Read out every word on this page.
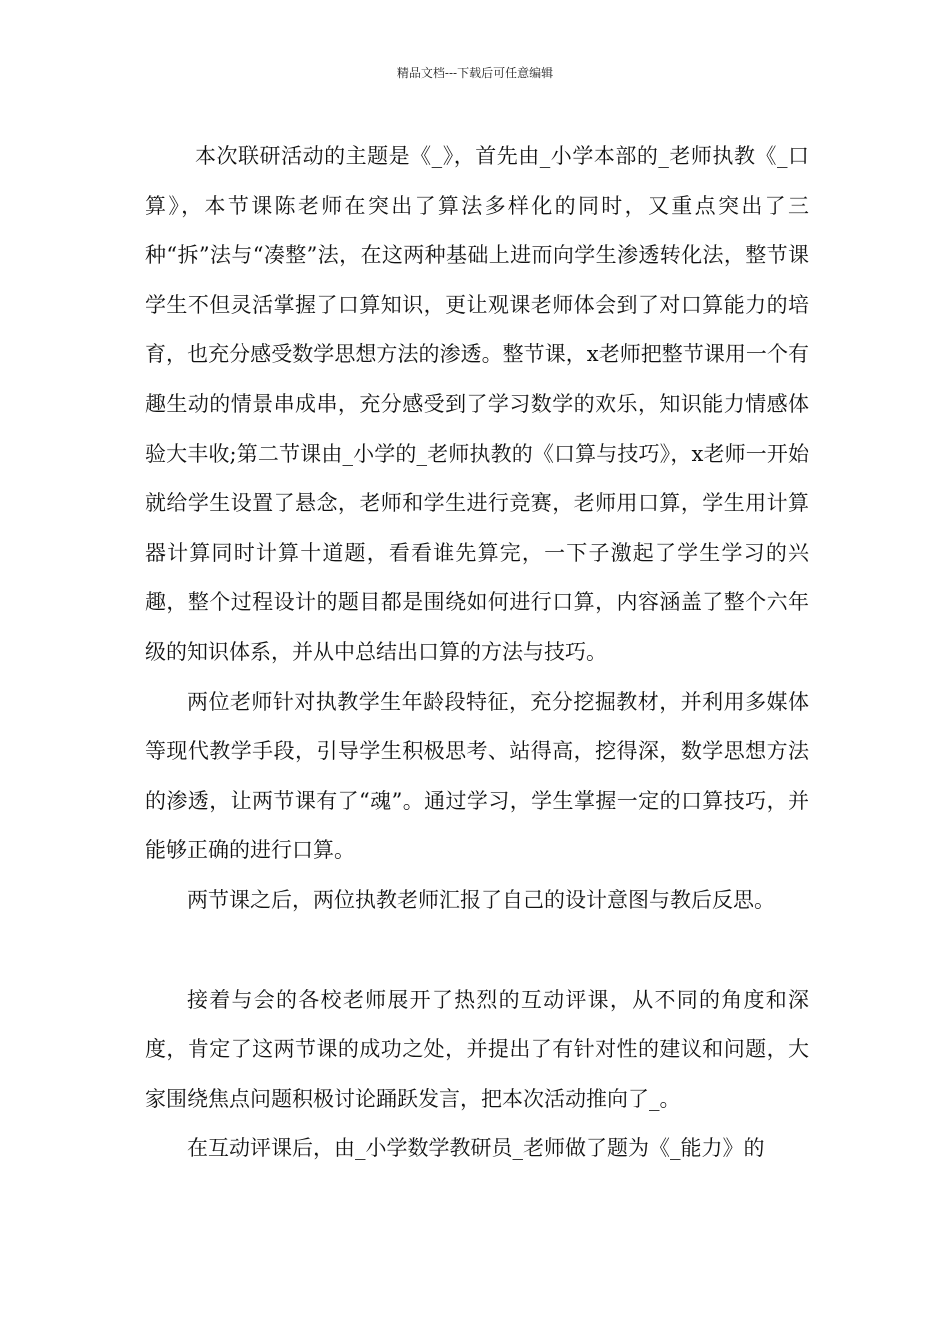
精品文档---下载后可任意编辑

本次联研活动的主题是《_》，首先由_小学本部的_老师执教《_口算》，本节课陈老师在突出了算法多样化的同时，又重点突出了三种“拆”法与“凑整”法，在这两种基础上进而向学生渗透转化法，整节课学生不但灵活掌握了口算知识，更让观课老师体会到了对口算能力的培育，也充分感受数学思想方法的渗透。整节课，x老师把整节课用一个有趣生动的情景串成串，充分感受到了学习数学的欢乐，知识能力情感体验大丰收;第二节课由_小学的_老师执教的《口算与技巧》，x老师一开始就给学生设置了悬念，老师和学生进行竞赛，老师用口算，学生用计算器计算同时计算十道题，看看谁先算完，一下子激起了学生学习的兴趣，整个过程设计的题目都是围绕如何进行口算，内容涵盖了整个六年级的知识体系，并从中总结出口算的方法与技巧。

两位老师针对执教学生年龄段特征，充分挖掘教材，并利用多媒体等现代教学手段，引导学生积极思考、站得高，挖得深，数学思想方法的渗透，让两节课有了“魂”。通过学习，学生掌握一定的口算技巧，并能够正确的进行口算。

两节课之后，两位执教老师汇报了自己的设计意图与教后反思。

接着与会的各校老师展开了热烈的互动评课，从不同的角度和深度，肯定了这两节课的成功之处，并提出了有针对性的建议和问题，大家围绕焦点问题积极讨论踊跃发言，把本次活动推向了_。

在互动评课后，由_小学数学教研员_老师做了题为《_能力》的
